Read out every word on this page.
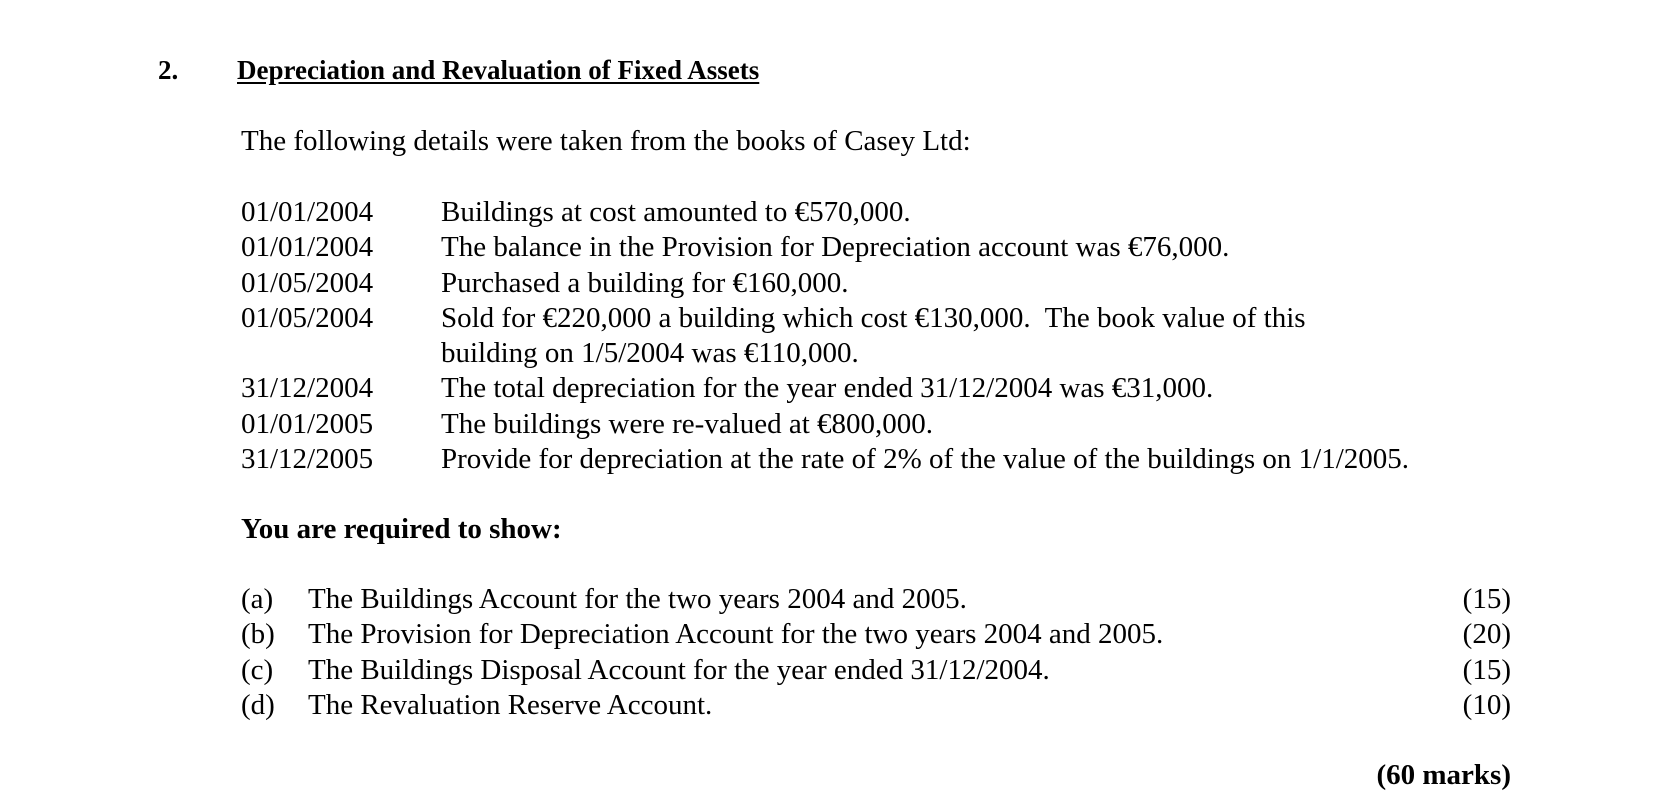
2. Depreciation and Revaluation of Fixed Assets
The following details were taken from the books of Casey Ltd:
01/01/2004	Buildings at cost amounted to €570,000.
01/01/2004	The balance in the Provision for Depreciation account was €76,000.
01/05/2004	Purchased a building for €160,000.
01/05/2004	Sold for €220,000 a building which cost €130,000.  The book value of this
building on 1/5/2004 was €110,000.
31/12/2004	The total depreciation for the year ended 31/12/2004 was €31,000.
01/01/2005	The buildings were re-valued at €800,000.
31/12/2005	Provide for depreciation at the rate of 2% of the value of the buildings on 1/1/2005.
You are required to show:
(a)	The Buildings Account for the two years 2004 and 2005.	(15)
(b)	The Provision for Depreciation Account for the two years 2004 and 2005.	(20)
(c)	The Buildings Disposal Account for the year ended 31/12/2004.	(15)
(d)	The Revaluation Reserve Account.	(10)
(60 marks)
